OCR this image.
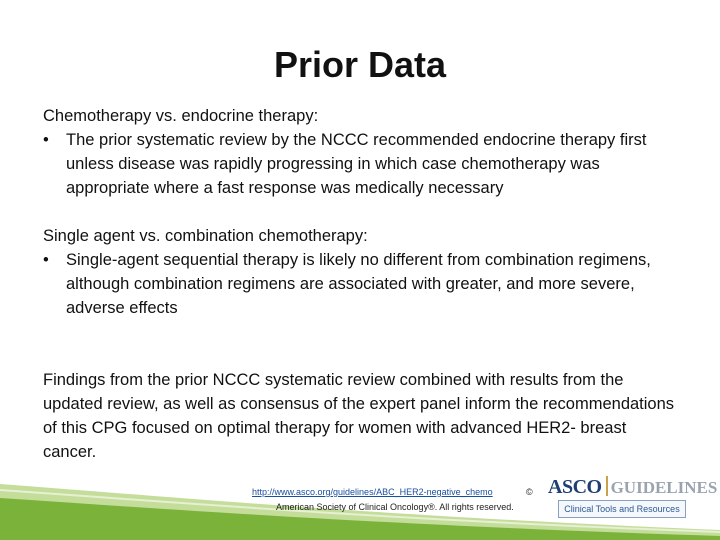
Prior Data
Chemotherapy vs. endocrine therapy:
• The prior systematic review by the NCCC recommended endocrine therapy first unless disease was rapidly progressing in which case chemotherapy was appropriate where a fast response was medically necessary
Single agent vs. combination chemotherapy:
• Single-agent sequential therapy is likely no different from combination regimens, although combination regimens are associated with greater, and more severe, adverse effects
Findings from the prior NCCC systematic review combined with results from the updated review, as well as consensus of the expert panel inform the recommendations of this CPG focused on optimal therapy for women with advanced HER2- breast cancer.
http://www.asco.org/guidelines/ABC_HER2-negative_chemo	©
American Society of Clinical Oncology®. All rights reserved.
ASCO GUIDELINES
Clinical Tools and Resources
